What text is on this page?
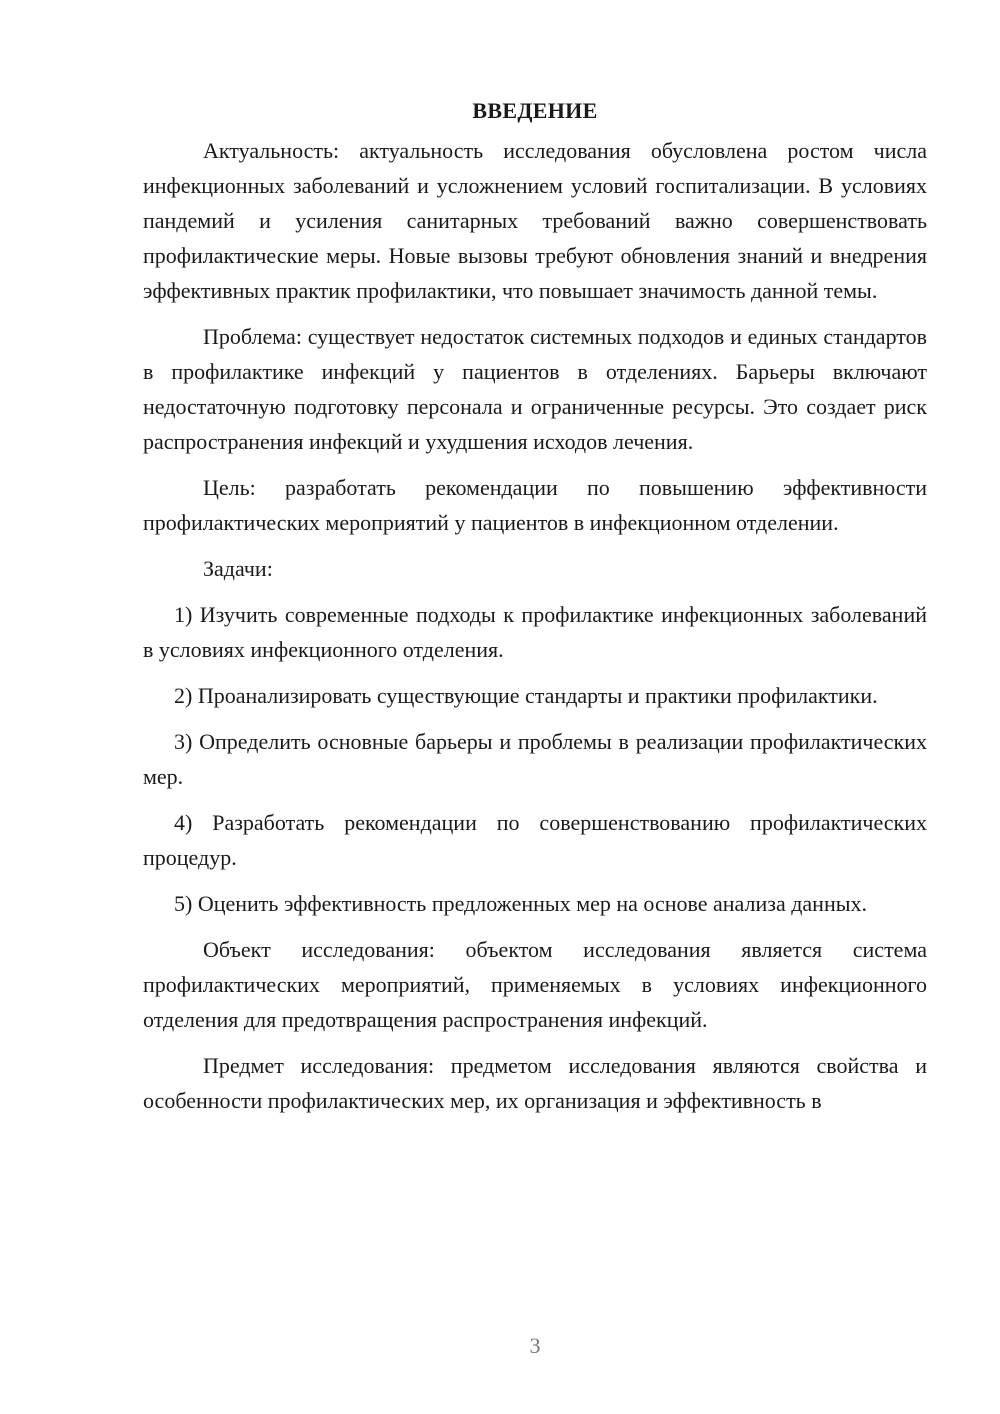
ВВЕДЕНИЕ

Актуальность: актуальность исследования обусловлена ростом числа инфекционных заболеваний и усложнением условий госпитализации. В условиях пандемий и усиления санитарных требований важно совершенствовать профилактические меры. Новые вызовы требуют обновления знаний и внедрения эффективных практик профилактики, что повышает значимость данной темы.

Проблема: существует недостаток системных подходов и единых стандартов в профилактике инфекций у пациентов в отделениях. Барьеры включают недостаточную подготовку персонала и ограниченные ресурсы. Это создает риск распространения инфекций и ухудшения исходов лечения.

Цель: разработать рекомендации по повышению эффективности профилактических мероприятий у пациентов в инфекционном отделении.

Задачи:

1) Изучить современные подходы к профилактике инфекционных заболеваний в условиях инфекционного отделения.

2) Проанализировать существующие стандарты и практики профилактики.

3) Определить основные барьеры и проблемы в реализации профилактических мер.

4) Разработать рекомендации по совершенствованию профилактических процедур.

5) Оценить эффективность предложенных мер на основе анализа данных.

Объект исследования: объектом исследования является система профилактических мероприятий, применяемых в условиях инфекционного отделения для предотвращения распространения инфекций.

Предмет исследования: предметом исследования являются свойства и особенности профилактических мер, их организация и эффективность в

3
